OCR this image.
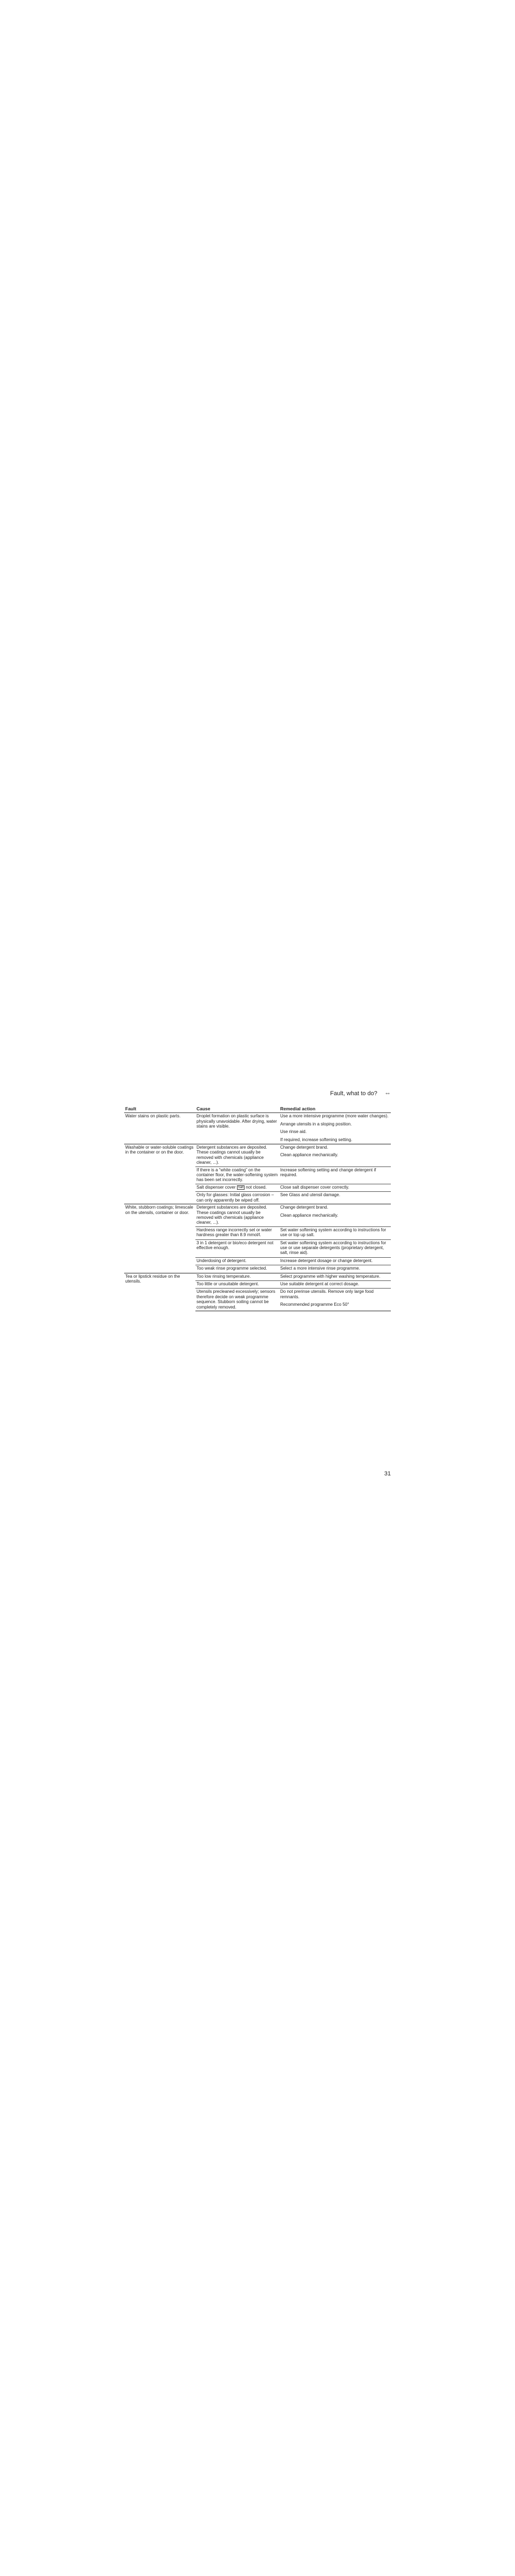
Fault, what to do? ⇔
Fault	Cause	Remedial action
Water stains on plastic parts.	Droplet formation on plastic surface is physically unavoidable. After drying, water stains are visible.	Use a more intensive programme (more water changes).
Arrange utensils in a sloping position.
Use rinse aid.
If required, increase softening setting.

Washable or water-soluble coatings in the container or on the door.	Detergent substances are deposited. These coatings cannot usually be removed with chemicals (appliance cleaner, ...).	Change detergent brand.
Clean appliance mechanically.

	If there is a “white coating” on the container floor, the water-softening system has been set incorrectly.	Increase softening setting and change detergent if required.

	Salt dispenser cover Salt not closed.	Close salt dispenser cover correctly.

	Only for glasses: Initial glass corrosion – can only apparently be wiped off.	See Glass and utensil damage.

White, stubborn coatings; limescale on the utensils, container or door.	Detergent substances are deposited. These coatings cannot usually be removed with chemicals (appliance cleaner, ...).	Change detergent brand.
Clean appliance mechanically.

	Hardness range incorrectly set or water hardness greater than 8.9 mmol/l.	Set water softening system according to instructions for use or top up salt.

	3 in 1 detergent or bio/eco detergent not effective enough.	Set water softening system according to instructions for use or use separate detergents (proprietary detergent, salt, rinse aid).

	Underdosing of detergent.	Increase detergent dosage or change detergent.

	Too weak rinse programme selected.	Select a more intensive rinse programme.

Tea or lipstick residue on the utensils.	Too low rinsing temperature.	Select programme with higher washing temperature.

	Too little or unsuitable detergent.	Use suitable detergent at correct dosage.

	Utensils precleaned excessively; sensors therefore decide on weak programme sequence. Stubborn soiling cannot be completely removed.	Do not prerinse utensils. Remove only large food remnants.
Recommended programme Eco 50°
31
